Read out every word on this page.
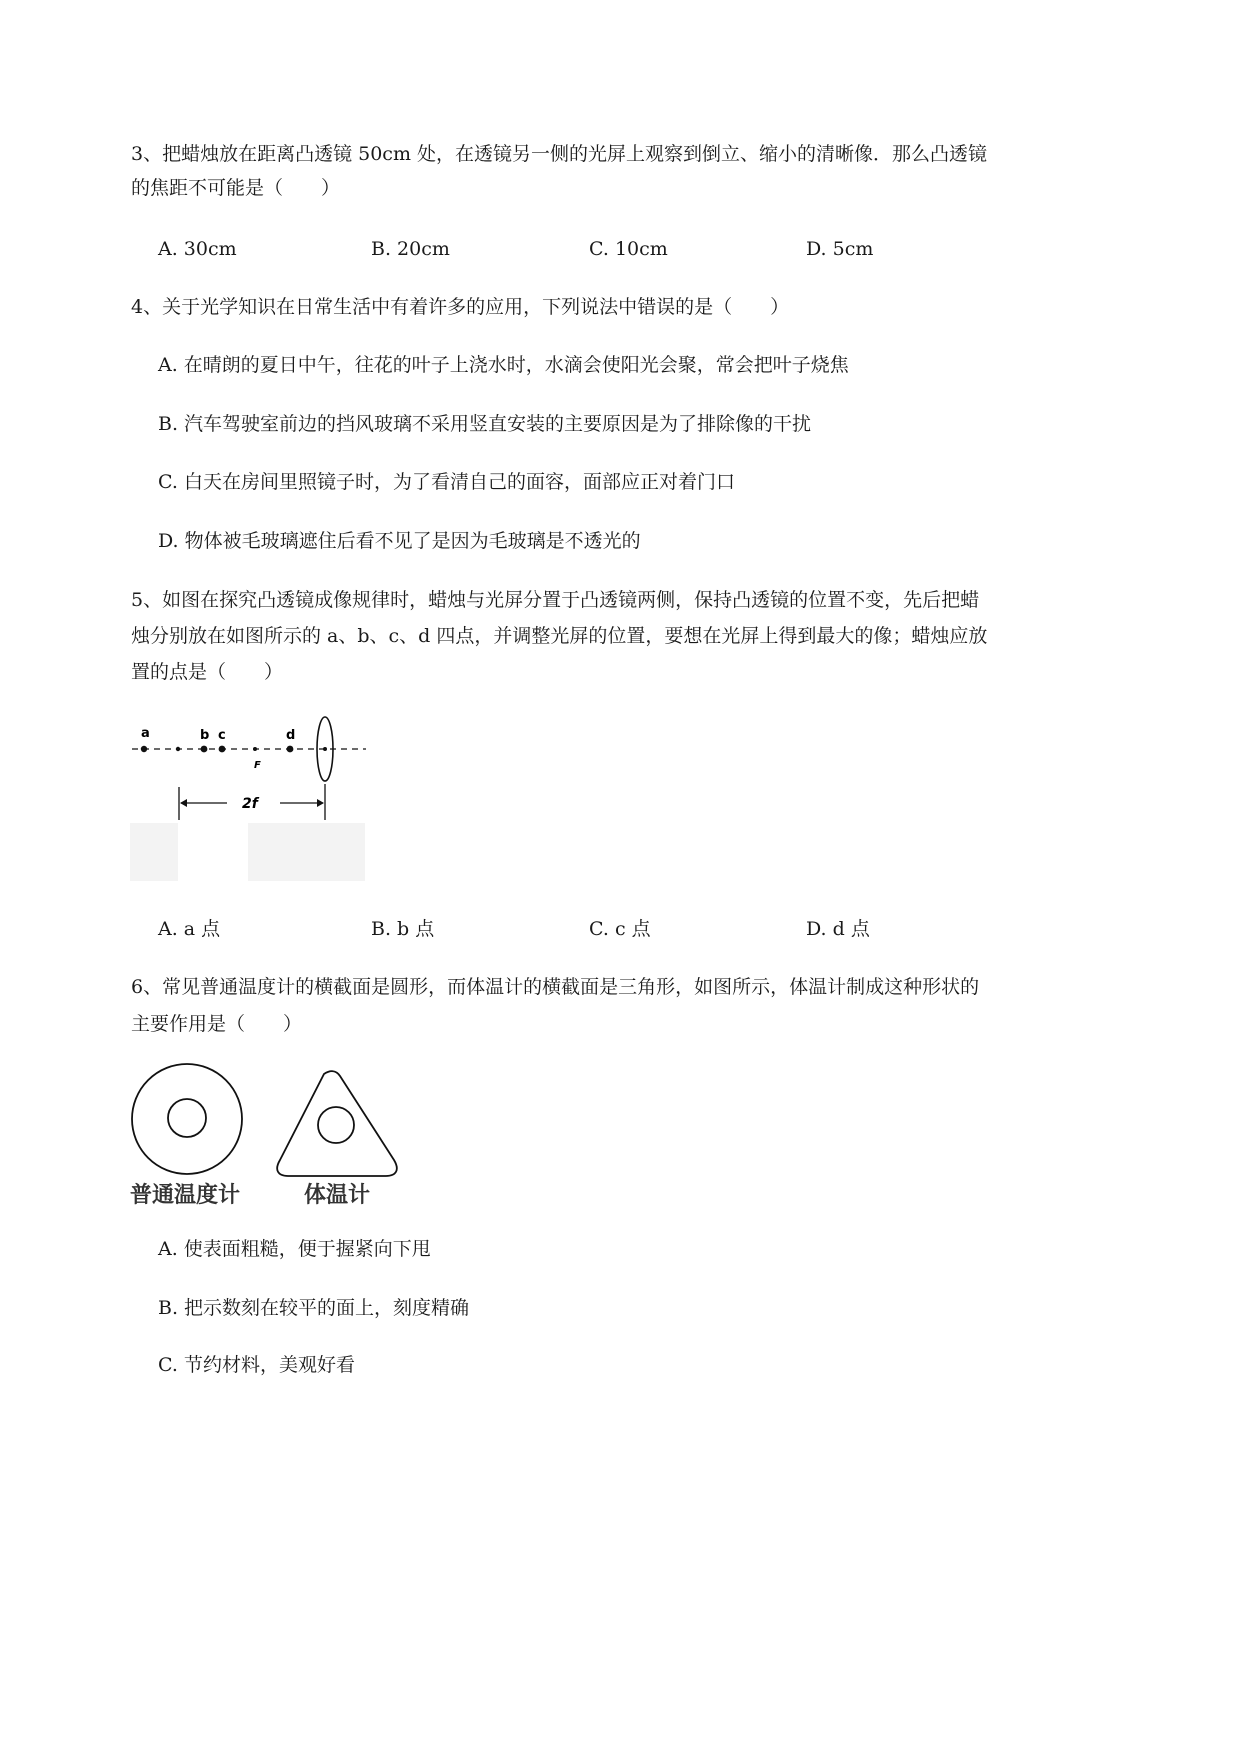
3、把蜡烛放在距离凸透镜 50cm 处，在透镜另一侧的光屏上观察到倒立、缩小的清晰像．那么凸透镜
的焦距不可能是（　　）
A. 30cm	B. 20cm	C. 10cm	D. 5cm
4、关于光学知识在日常生活中有着许多的应用，下列说法中错误的是（　　）
A. 在晴朗的夏日中午，往花的叶子上浇水时，水滴会使阳光会聚，常会把叶子烧焦
B. 汽车驾驶室前边的挡风玻璃不采用竖直安装的主要原因是为了排除像的干扰
C. 白天在房间里照镜子时，为了看清自己的面容，面部应正对着门口
D. 物体被毛玻璃遮住后看不见了是因为毛玻璃是不透光的
5、如图在探究凸透镜成像规律时，蜡烛与光屏分置于凸透镜两侧，保持凸透镜的位置不变，先后把蜡
烛分别放在如图所示的 a、b、c、d 四点，并调整光屏的位置，要想在光屏上得到最大的像；蜡烛应放
置的点是（　　）
a	b c	d
F
2f
A. a 点	B. b 点	C. c 点	D. d 点
6、常见普通温度计的横截面是圆形，而体温计的横截面是三角形，如图所示，体温计制成这种形状的
主要作用是（　　）
普通温度计	体温计
A. 使表面粗糙，便于握紧向下甩
B. 把示数刻在较平的面上，刻度精确
C. 节约材料，美观好看
